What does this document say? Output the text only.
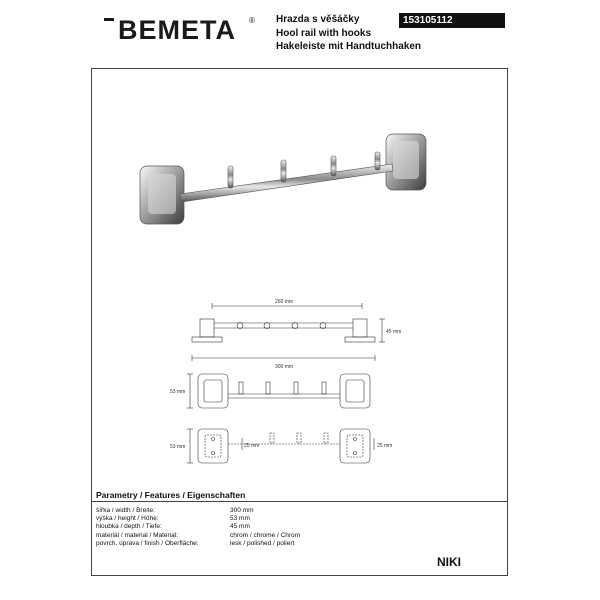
BEMETA ® Hrazda s věšáčky
Hool rail with hooks
Hakeleiste mit Handtuchhaken
153105112
260 mm
45 mm
300 mm
53 mm
53 mm	25 mm	25 mm
Parametry / Features / Eigenschaften
šířka / width / Breite:	300 mm
výška / height / Höhe:	53 mm
hloubka / depth / Tiefe:	45 mm
materiál / material / Material:	chrom / chrome / Chrom
povrch. úprava / finish / Oberfläche:	lesk / polished / poliert
NIKI
